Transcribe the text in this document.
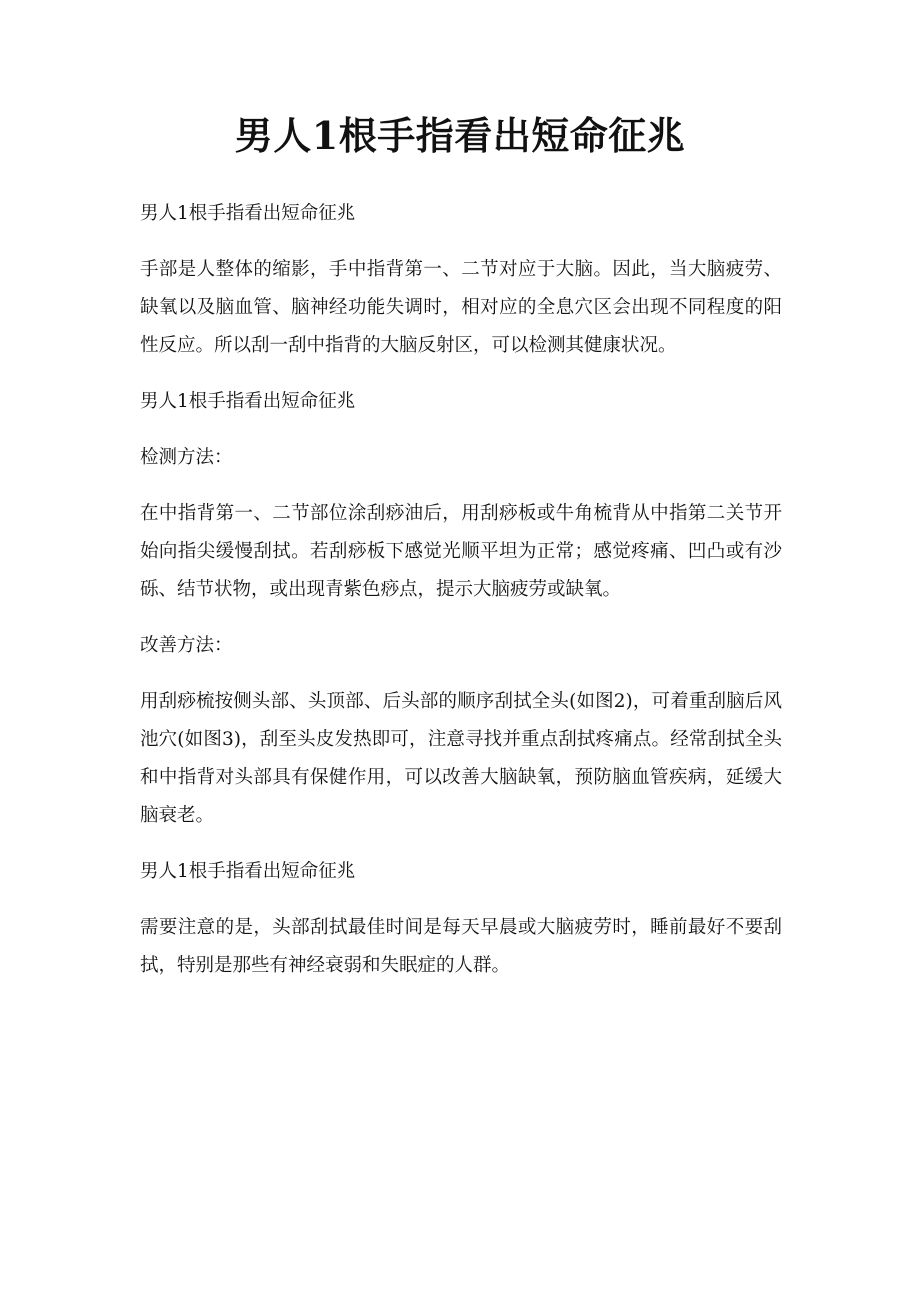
男人1根手指看出短命征兆

男人1根手指看出短命征兆

手部是人整体的缩影，手中指背第一、二节对应于大脑。因此，当大脑疲劳、缺氧以及脑血管、脑神经功能失调时，相对应的全息穴区会出现不同程度的阳性反应。所以刮一刮中指背的大脑反射区，可以检测其健康状况。

男人1根手指看出短命征兆

检测方法：

在中指背第一、二节部位涂刮痧油后，用刮痧板或牛角梳背从中指第二关节开始向指尖缓慢刮拭。若刮痧板下感觉光顺平坦为正常；感觉疼痛、凹凸或有沙砾、结节状物，或出现青紫色痧点，提示大脑疲劳或缺氧。

改善方法：

用刮痧梳按侧头部、头顶部、后头部的顺序刮拭全头(如图2)，可着重刮脑后风池穴(如图3)，刮至头皮发热即可，注意寻找并重点刮拭疼痛点。经常刮拭全头和中指背对头部具有保健作用，可以改善大脑缺氧，预防脑血管疾病，延缓大脑衰老。

男人1根手指看出短命征兆

需要注意的是，头部刮拭最佳时间是每天早晨或大脑疲劳时，睡前最好不要刮拭，特别是那些有神经衰弱和失眠症的人群。
